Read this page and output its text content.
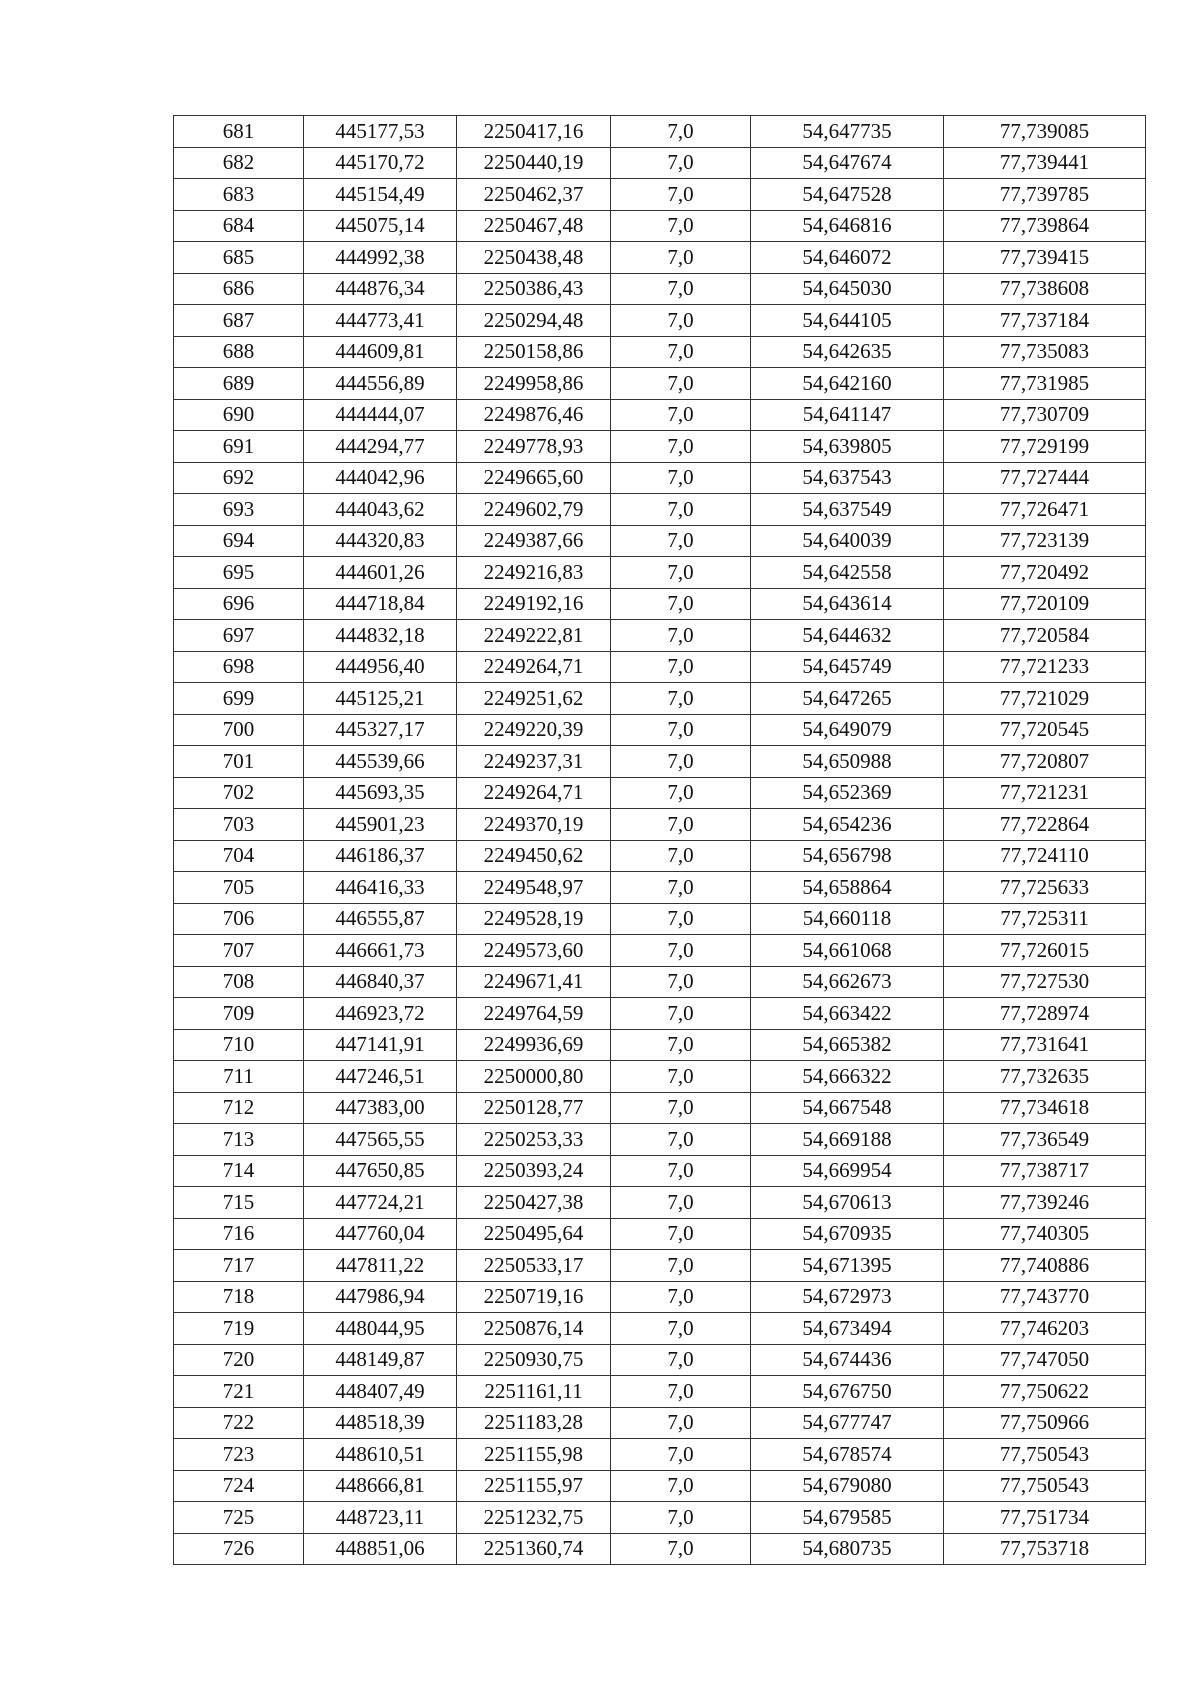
681	445177,53	2250417,16	7,0	54,647735	77,739085
682	445170,72	2250440,19	7,0	54,647674	77,739441
683	445154,49	2250462,37	7,0	54,647528	77,739785
684	445075,14	2250467,48	7,0	54,646816	77,739864
685	444992,38	2250438,48	7,0	54,646072	77,739415
686	444876,34	2250386,43	7,0	54,645030	77,738608
687	444773,41	2250294,48	7,0	54,644105	77,737184
688	444609,81	2250158,86	7,0	54,642635	77,735083
689	444556,89	2249958,86	7,0	54,642160	77,731985
690	444444,07	2249876,46	7,0	54,641147	77,730709
691	444294,77	2249778,93	7,0	54,639805	77,729199
692	444042,96	2249665,60	7,0	54,637543	77,727444
693	444043,62	2249602,79	7,0	54,637549	77,726471
694	444320,83	2249387,66	7,0	54,640039	77,723139
695	444601,26	2249216,83	7,0	54,642558	77,720492
696	444718,84	2249192,16	7,0	54,643614	77,720109
697	444832,18	2249222,81	7,0	54,644632	77,720584
698	444956,40	2249264,71	7,0	54,645749	77,721233
699	445125,21	2249251,62	7,0	54,647265	77,721029
700	445327,17	2249220,39	7,0	54,649079	77,720545
701	445539,66	2249237,31	7,0	54,650988	77,720807
702	445693,35	2249264,71	7,0	54,652369	77,721231
703	445901,23	2249370,19	7,0	54,654236	77,722864
704	446186,37	2249450,62	7,0	54,656798	77,724110
705	446416,33	2249548,97	7,0	54,658864	77,725633
706	446555,87	2249528,19	7,0	54,660118	77,725311
707	446661,73	2249573,60	7,0	54,661068	77,726015
708	446840,37	2249671,41	7,0	54,662673	77,727530
709	446923,72	2249764,59	7,0	54,663422	77,728974
710	447141,91	2249936,69	7,0	54,665382	77,731641
711	447246,51	2250000,80	7,0	54,666322	77,732635
712	447383,00	2250128,77	7,0	54,667548	77,734618
713	447565,55	2250253,33	7,0	54,669188	77,736549
714	447650,85	2250393,24	7,0	54,669954	77,738717
715	447724,21	2250427,38	7,0	54,670613	77,739246
716	447760,04	2250495,64	7,0	54,670935	77,740305
717	447811,22	2250533,17	7,0	54,671395	77,740886
718	447986,94	2250719,16	7,0	54,672973	77,743770
719	448044,95	2250876,14	7,0	54,673494	77,746203
720	448149,87	2250930,75	7,0	54,674436	77,747050
721	448407,49	2251161,11	7,0	54,676750	77,750622
722	448518,39	2251183,28	7,0	54,677747	77,750966
723	448610,51	2251155,98	7,0	54,678574	77,750543
724	448666,81	2251155,97	7,0	54,679080	77,750543
725	448723,11	2251232,75	7,0	54,679585	77,751734
726	448851,06	2251360,74	7,0	54,680735	77,753718
